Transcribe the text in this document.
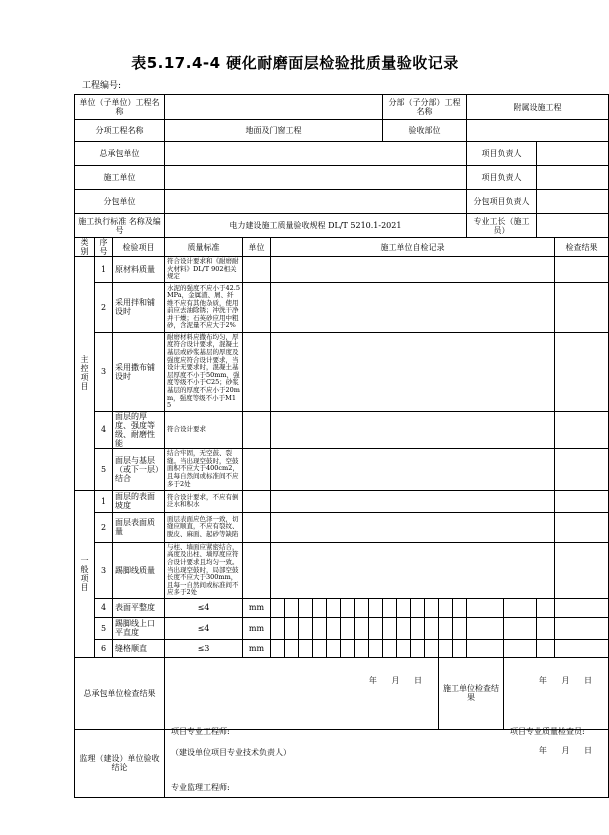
表5.17.4-4 硬化耐磨面层检验批质量验收记录
工程编号:
单位（子单位）工程名称													分部（子分部）工程名称						附属设施工程			
分项工程名称			地面及门窗工程										验收部位									
总承包单位																			项目负责人			
施工单位																			项目负责人			
分包单位																			分包项目负责人			
施工执行标准 名称及编号			电力建设施工质量验收规程 DL/T 5210.1-2021																专业工长（施工员）			
类别	序号	检验项目	质量标准	单位	施工单位自检记录																	检查结果
主控项目	1	原材料质量	符合设计要求和《耐磨耐火材料》DL/T 902相关规定																			
	2	采用拌和铺设时	水泥的强度不应小于42.5MPa，金属渣、屑、纤维不应有其他杂质，使用前应去油除锈；冲洗干净并干燥；石英砂应用中粗砂，含泥量不应大于2%																			
	3	采用撒布铺设时	耐磨材料应撒布均匀，厚度符合设计要求，混凝土基层或砂浆基层的厚度及强度应符合设计要求，当设计无要求时，混凝土基层厚度不小于50mm，强度等级不小于C25；砂浆基层的厚度不应小于20mm，强度等级不小于M15																			
	4	面层的厚度、强度等级、耐磨性能	符合设计要求																			
	5	面层与基层（或下一层）结合	结合牢固，无空鼓、裂缝。当出现空鼓时，空鼓面积不应大于400cm2，且每自然间或标准间不应多于2处																			
一般项目	1	面层的表面坡度	符合设计要求，不应有倒泛水和积水																			
	2	面层表面质量	面层表面应色泽一致，切缝应顺直，不应有裂纹、脱皮、麻面、起砂等缺陷																			
	3	踢脚线质量	与柱、墙面应紧密结合，高度及出柱、墙厚度应符合设计要求且均匀一致。当出现空鼓时，局部空鼓长度不应大于300mm，且每一自然间或标准间不应多于2处																			
	4	表面平整度	≤4	mm																		
	5	踢脚线上口平直度	≤4	mm																		
	6	缝格顺直	≤3	mm																		
总承包单位检查结果			项目专业工程师:
年 月 日														施工单位检查结果			项目专业质量检查员:
年 月 日		

监理（建设）单位验收结论			专业监理工程师:
（建设单位项目专业技术负责人） 年 月 日																			
